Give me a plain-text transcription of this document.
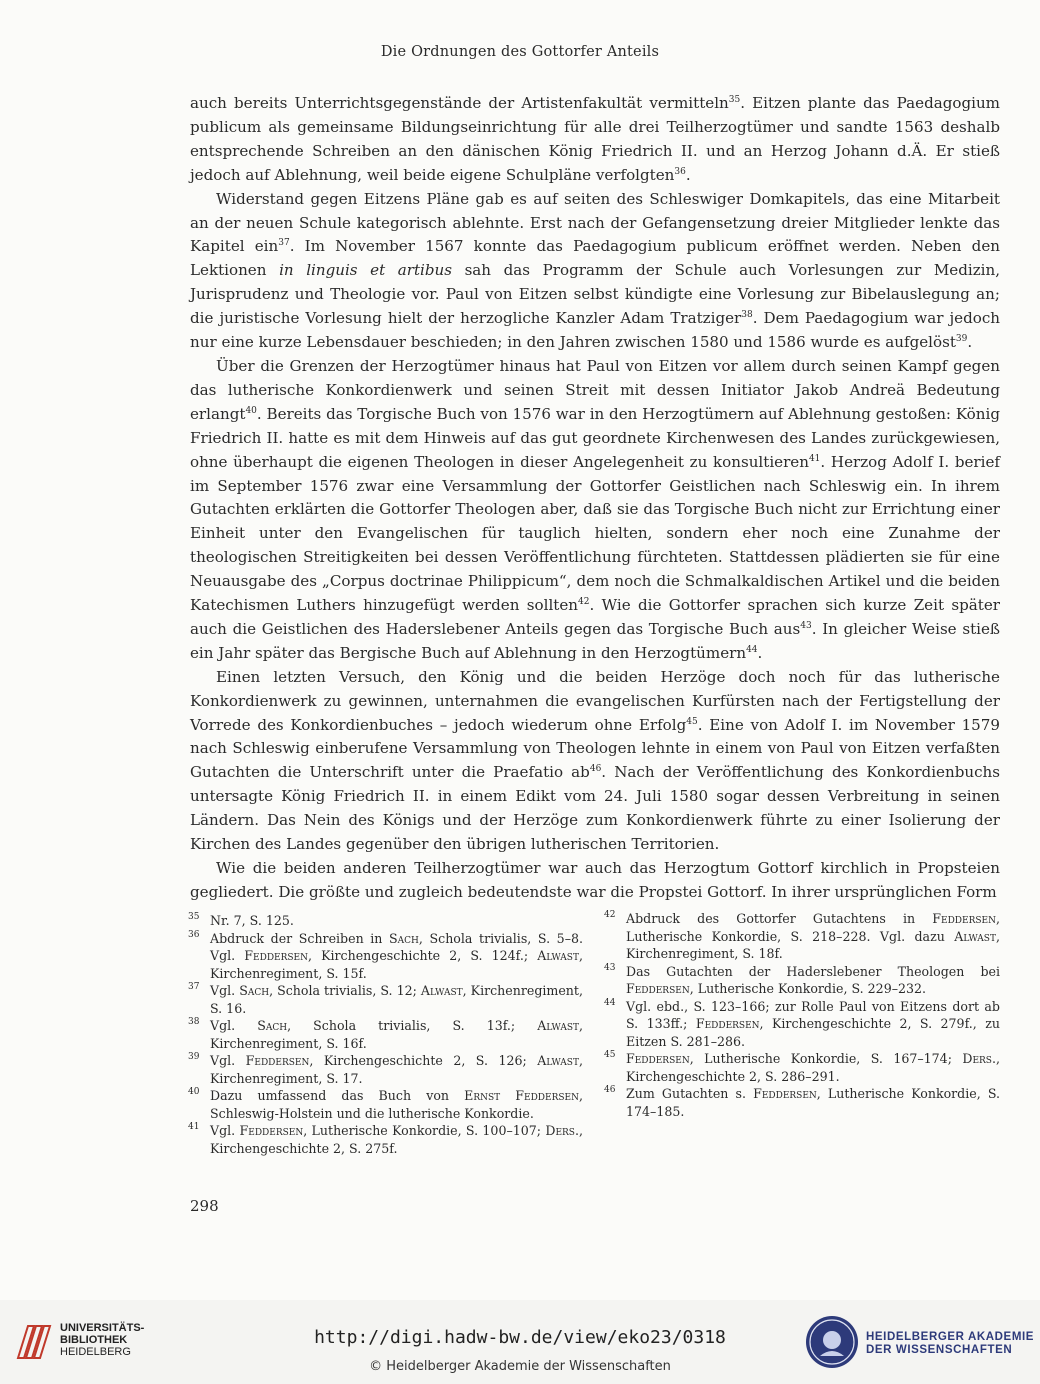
Die Ordnungen des Gottorfer Anteils

auch bereits Unterrichtsgegenstände der Artistenfakultät vermitteln$^{35}$. Eitzen plante das Paedagogium publicum als gemeinsame Bildungseinrichtung für alle drei Teilherzogtümer und sandte 1563 deshalb entsprechende Schreiben an den dänischen König Friedrich II. und an Herzog Johann d.Ä. Er stieß jedoch auf Ablehnung, weil beide eigene Schulpläne verfolgten$^{36}$.

Widerstand gegen Eitzens Pläne gab es auf seiten des Schleswiger Domkapitels, das eine Mitarbeit an der neuen Schule kategorisch ablehnte. Erst nach der Gefangensetzung dreier Mitglieder lenkte das Kapitel ein$^{37}$. Im November 1567 konnte das Paedagogium publicum eröffnet werden. Neben den Lektionen in linguis et artibus sah das Programm der Schule auch Vorlesungen zur Medizin, Jurisprudenz und Theologie vor. Paul von Eitzen selbst kündigte eine Vorlesung zur Bibelauslegung an; die juristische Vorlesung hielt der herzogliche Kanzler Adam Tratziger$^{38}$. Dem Paedagogium war jedoch nur eine kurze Lebensdauer beschieden; in den Jahren zwischen 1580 und 1586 wurde es aufgelöst$^{39}$.

Über die Grenzen der Herzogtümer hinaus hat Paul von Eitzen vor allem durch seinen Kampf gegen das lutherische Konkordienwerk und seinen Streit mit dessen Initiator Jakob Andreä Bedeutung erlangt$^{40}$. Bereits das Torgische Buch von 1576 war in den Herzogtümern auf Ablehnung gestoßen: König Friedrich II. hatte es mit dem Hinweis auf das gut geordnete Kirchenwesen des Landes zurückgewiesen, ohne überhaupt die eigenen Theologen in dieser Angelegenheit zu konsultieren$^{41}$. Herzog Adolf I. berief im September 1576 zwar eine Versammlung der Gottorfer Geistlichen nach Schleswig ein. In ihrem Gutachten erklärten die Gottorfer Theologen aber, daß sie das Torgische Buch nicht zur Errichtung einer Einheit unter den Evangelischen für tauglich hielten, sondern eher noch eine Zunahme der theologischen Streitigkeiten bei dessen Veröffentlichung fürchteten. Stattdessen plädierten sie für eine Neuausgabe des „Corpus doctrinae Philippicum“, dem noch die Schmalkaldischen Artikel und die beiden Katechismen Luthers hinzugefügt werden sollten$^{42}$. Wie die Gottorfer sprachen sich kurze Zeit später auch die Geistlichen des Haderslebener Anteils gegen das Torgische Buch aus$^{43}$. In gleicher Weise stieß ein Jahr später das Bergische Buch auf Ablehnung in den Herzogtümern$^{44}$.

Einen letzten Versuch, den König und die beiden Herzöge doch noch für das lutherische Konkordienwerk zu gewinnen, unternahmen die evangelischen Kurfürsten nach der Fertigstellung der Vorrede des Konkordienbuches – jedoch wiederum ohne Erfolg$^{45}$. Eine von Adolf I. im November 1579 nach Schleswig einberufene Versammlung von Theologen lehnte in einem von Paul von Eitzen verfaßten Gutachten die Unterschrift unter die Praefatio $ab^{46}$. Nach der Veröffentlichung des Konkordienbuchs untersagte König Friedrich II. in einem Edikt vom 24. Juli 1580 sogar dessen Verbreitung in seinen Ländern. Das Nein des Königs und der Herzöge zum Konkordienwerk führte zu einer Isolierung der Kirchen des Landes gegenüber den übrigen lutherischen Territorien.

Wie die beiden anderen Teilherzogtümer war auch das Herzogtum Gottorf kirchlich in Propsteien gegliedert. Die größte und zugleich bedeutendste war die Propstei Gottorf. In ihrer ursprünglichen Form

35 Nr. 7, S. 125.
36 Abdruck der Schreiben in Sach, Schola trivialis, S. 5–8. Vgl. Feddersen, Kirchengeschichte 2, S. 124f.; Alwast, Kirchenregiment, S. 15f.
37 Vgl. Sach, Schola trivialis, S. 12; Alwast, Kirchenregiment, S. 16.
38 Vgl. Sach, Schola trivialis, S. 13f.; Alwast, Kirchenregiment, S. 16f.
39 Vgl. Feddersen, Kirchengeschichte 2, S. 126; Alwast, Kirchenregiment, S. 17.
40 Dazu umfassend das Buch von Ernst Feddersen, Schleswig-Holstein und die lutherische Konkordie.
41 Vgl. Feddersen, Lutherische Konkordie, S. 100–107; Ders., Kirchengeschichte 2, S. 275f.
42 Abdruck des Gottorfer Gutachtens in Feddersen, Lutherische Konkordie, S. 218–228. Vgl. dazu Alwast, Kirchenregiment, S. 18f.
43 Das Gutachten der Haderslebener Theologen bei Feddersen, Lutherische Konkordie, S. 229–232.
44 Vgl. ebd., S. 123–166; zur Rolle Paul von Eitzens dort ab S. 133ff.; Feddersen, Kirchengeschichte 2, S. 279f., zu Eitzen S. 281–286.
45 Feddersen, Lutherische Konkordie, S. 167–174; Ders., Kirchengeschichte 2, S. 286–291.
46 Zum Gutachten s. Feddersen, Lutherische Konkordie, S. 174–185.
298
UNIVERSITÄTS-
BIBLIOTHEK
HEIDELBERG
http://digi.hadw-bw.de/view/eko23/0318
© Heidelberger Akademie der Wissenschaften
HEIDELBERGER AKADEMIE
DER WISSENSCHAFTEN
